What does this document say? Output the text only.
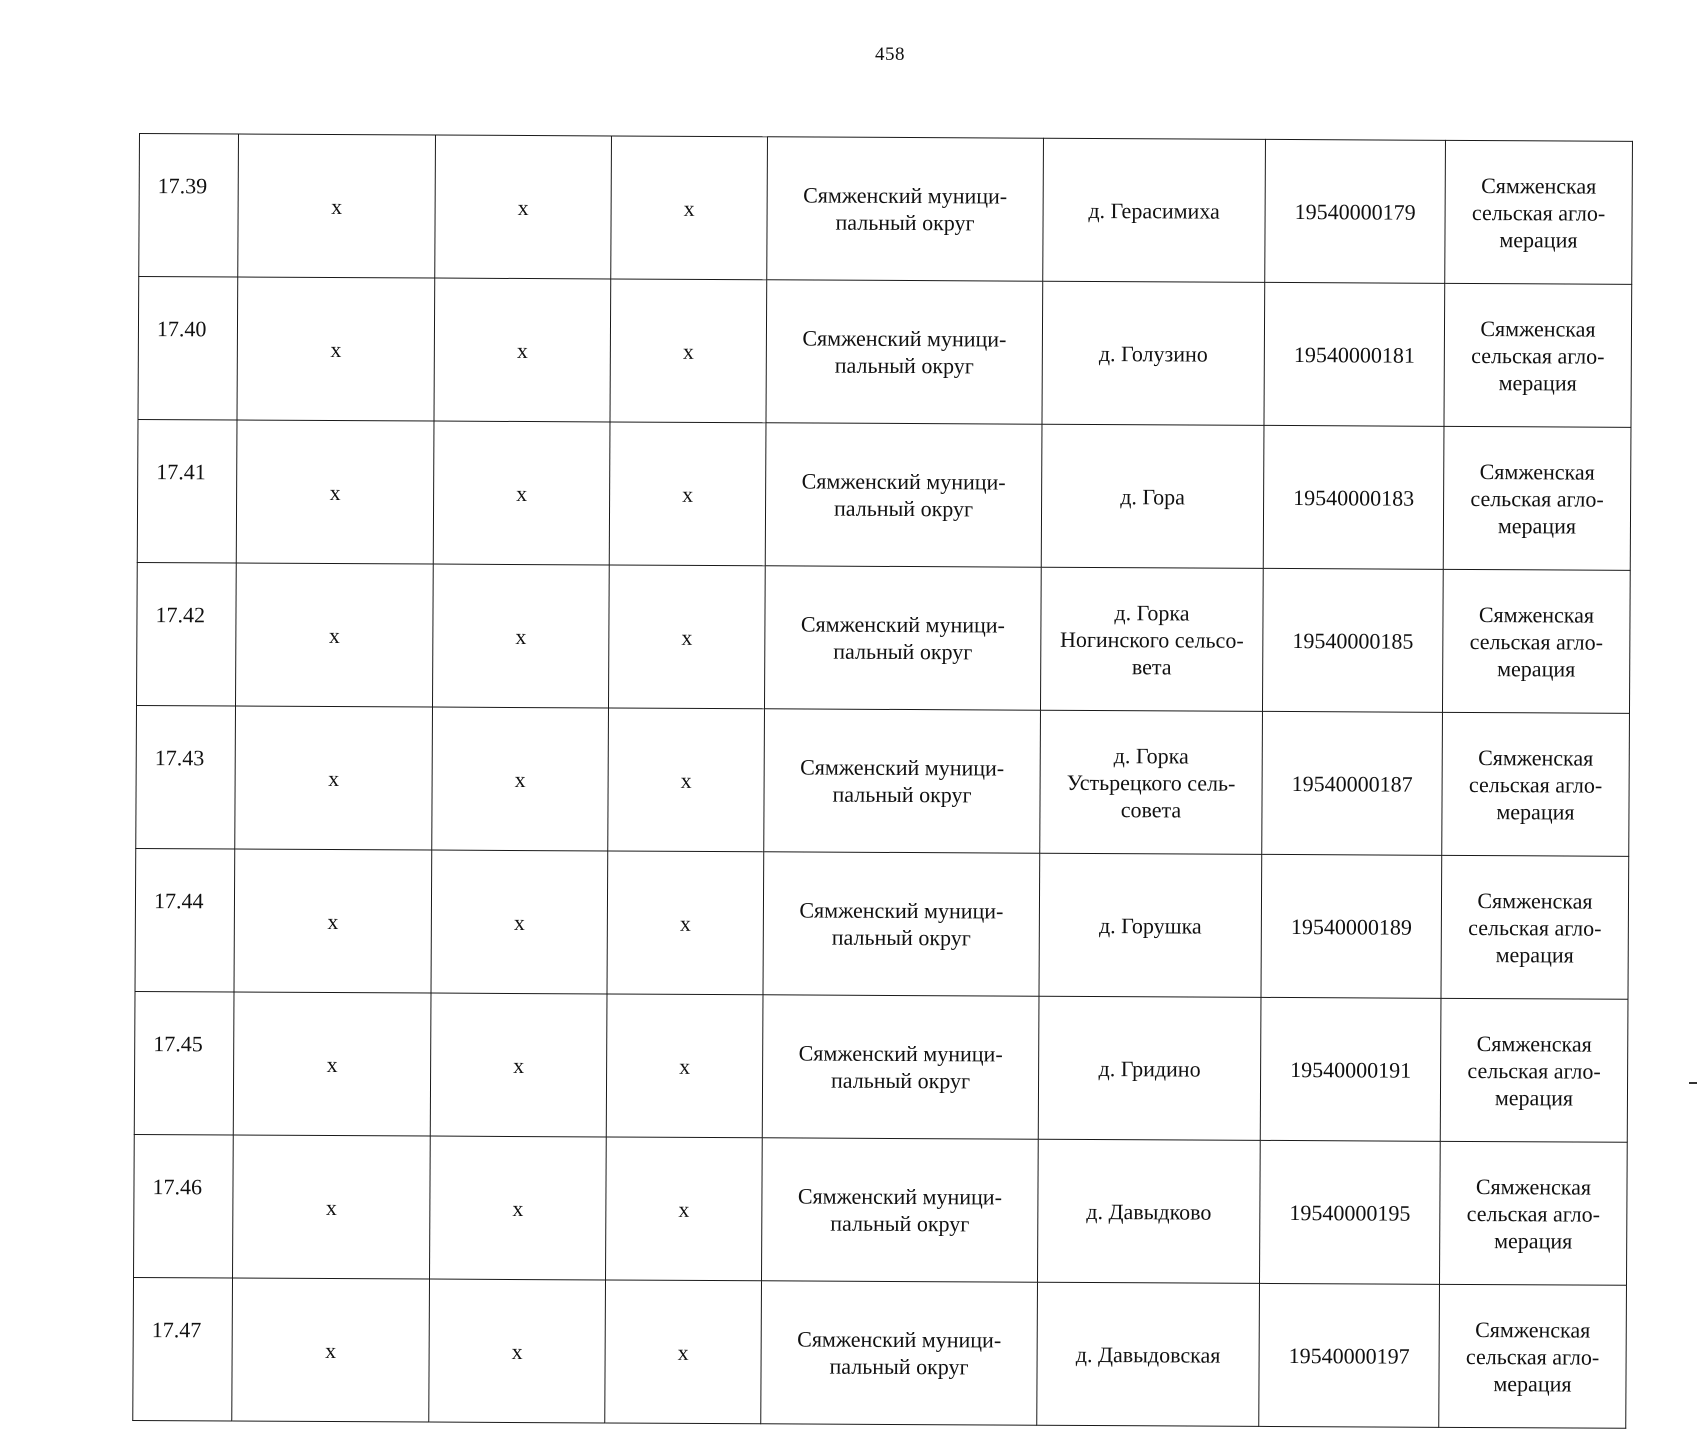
458
17.39	х	х	х	Сямженский муници-
пальный округ	д. Герасимиха	19540000179	Сямженская
сельская агло-
мерация
17.40	х	х	х	Сямженский муници-
пальный округ	д. Голузино	19540000181	Сямженская
сельская агло-
мерация
17.41	х	х	х	Сямженский муници-
пальный округ	д. Гора	19540000183	Сямженская
сельская агло-
мерация
17.42	х	х	х	Сямженский муници-
пальный округ	д. Горка
Ногинского сельсо-
вета	19540000185	Сямженская
сельская агло-
мерация
17.43	х	х	х	Сямженский муници-
пальный округ	д. Горка
Устьрецкого сель-
совета	19540000187	Сямженская
сельская агло-
мерация
17.44	х	х	х	Сямженский муници-
пальный округ	д. Горушка	19540000189	Сямженская
сельская агло-
мерация
17.45	х	х	х	Сямженский муници-
пальный округ	д. Гридино	19540000191	Сямженская
сельская агло-
мерация
17.46	х	х	х	Сямженский муници-
пальный округ	д. Давыдково	19540000195	Сямженская
сельская агло-
мерация
17.47	х	х	х	Сямженский муници-
пальный округ	д. Давыдовская	19540000197	Сямженская
сельская агло-
мерация
